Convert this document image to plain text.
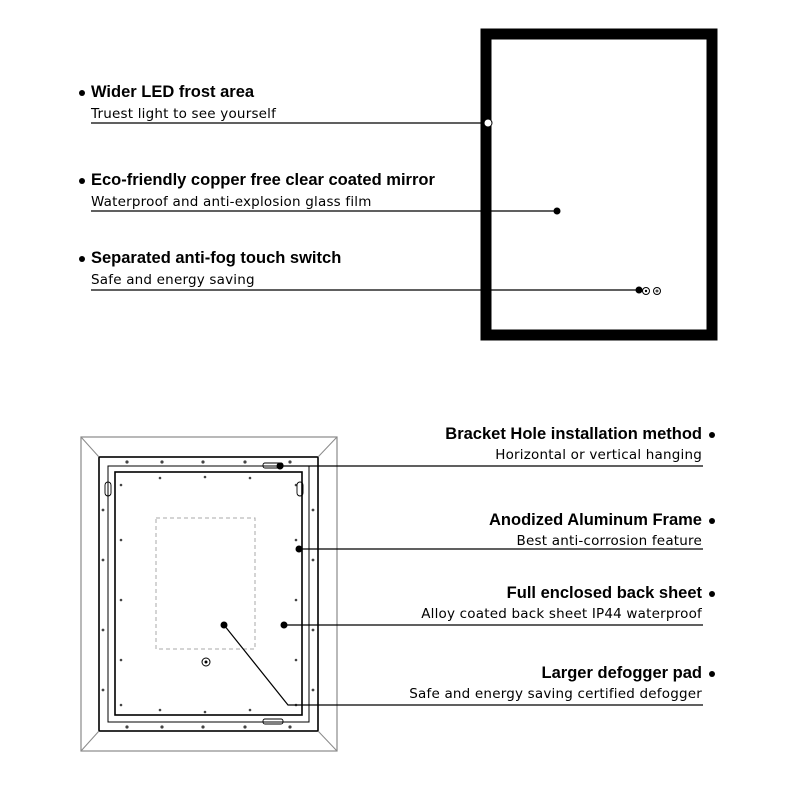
Wider LED frost area
Truest light to see yourself
Eco-friendly copper free clear coated mirror
Waterproof and anti-explosion glass film
Separated anti-fog touch switch
Safe and energy saving
Bracket Hole installation method
Horizontal or vertical hanging
Anodized Aluminum Frame
Best anti-corrosion feature
Full enclosed back sheet
Alloy coated back sheet IP44 waterproof
Larger defogger pad
Safe and energy saving certified defogger
